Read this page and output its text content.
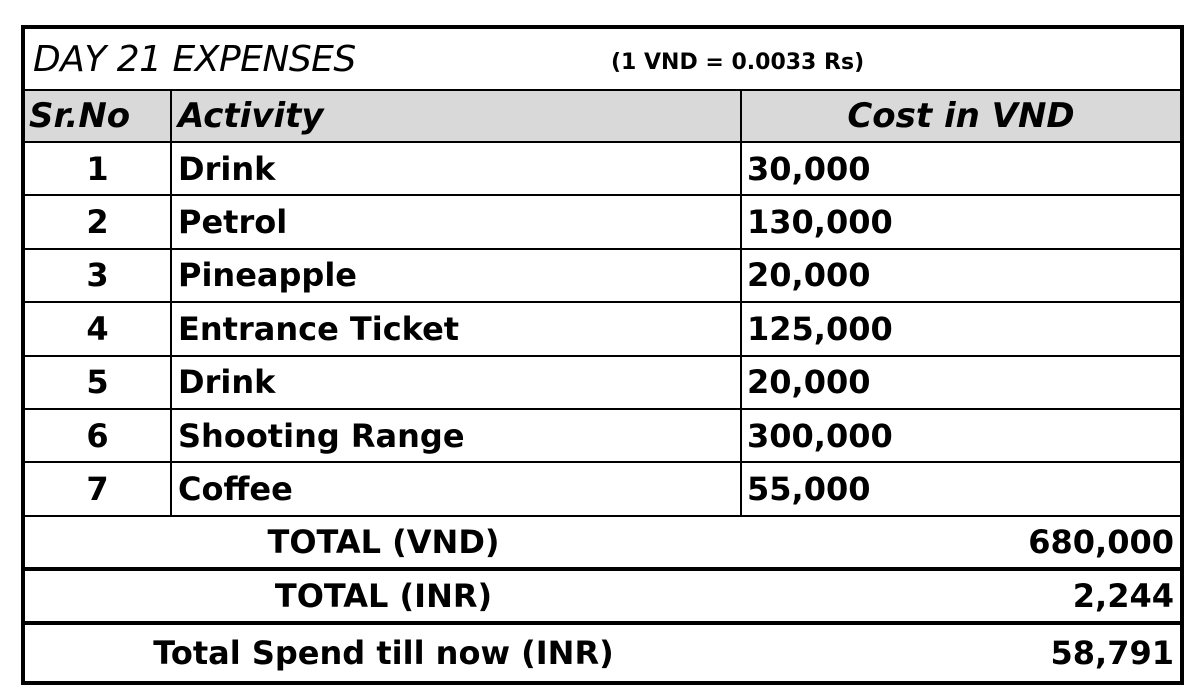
DAY 21 EXPENSES	(1 VND = 0.0033 Rs)
Sr.No	Activity	Cost in VND
1	Drink	30,000
2	Petrol	130,000
3	Pineapple	20,000
4	Entrance Ticket	125,000
5	Drink	20,000
6	Shooting Range	300,000
7	Coffee	55,000
TOTAL (VND)	680,000
TOTAL (INR)	2,244
Total Spend till now (INR)	58,791
